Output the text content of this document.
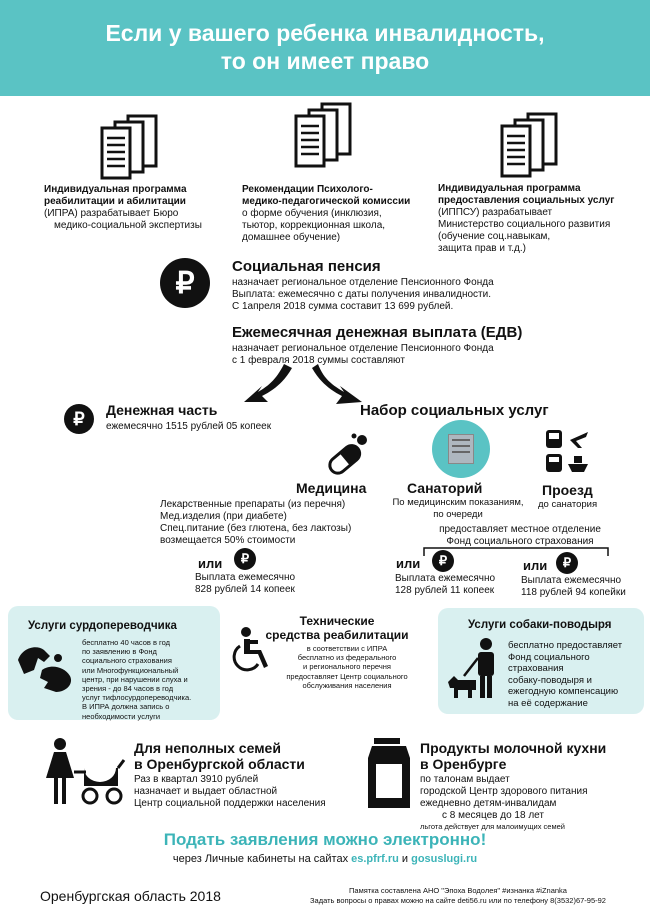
Если у вашего ребенка инвалидность,
то он имеет право
Индивидуальная программа
реабилитации и абилитации
(ИПРА) разрабатывает Бюро
медико-социальной экспертизы
Рекомендации Психолого-
медико-педагогической комиссии
о форме обучения (инклюзия,
тьютор, коррекционная школа,
домашнее обучение)
Индивидуальная программа
предоставления социальных услуг
(ИППСУ) разрабатывает
Министерство социального развития
(обучение соц.навыкам,
защита прав и т.д.)
₽	Социальная пенсия
назначает региональное отделение Пенсионного Фонда
Выплата: ежемесячно с даты получения инвалидности.
С 1апреля 2018 сумма составит 13 699 рублей.
Ежемесячная денежная выплата (ЕДВ)
назначает региональное отделение Пенсионного Фонда
с 1 февраля 2018 суммы составляют
₽	Денежная часть
ежемесячно 1515 рублей 05 копеек
Набор социальных услуг
Медицина
Лекарственные препараты (из перечня)
Мед.изделия (при диабете)
Спец.питание (без глютена, без лактозы)
возмещается 50% стоимости
или	₽
Выплата ежемесячно
828 рублей 14 копеек
Санаторий
По медицинским показаниям,
по очереди
Проезд
до санатория
предоставляет местное отделение
Фонд социального страхования
или	₽
Выплата ежемесячно
128 рублей 11 копеек
или	₽
Выплата ежемесячно
118 рублей 94 копейки
Услуги сурдопереводчика
бесплатно 40 часов в год
по заявлению в Фонд
социального страхования
или Многофункциональный
центр, при нарушении слуха и
зрения - до 84 часов в год
услуг тифлосурдопереводчика.
В ИПРА должна запись о
необходимости услуги
Технические
средства реабилитации
в соответствии с ИПРА
бесплатно из федерального
и регионального перечня
предоставляет Центр социального
обслуживания населения
Услуги собаки-поводыря
бесплатно предоставляет
Фонд социального
страхования
собаку-поводыря и
ежегодную компенсацию
на её содержание
Для неполных семей
в Оренбургской области
Раз в квартал 3910 рублей
назначает и выдает областной
Центр социальной поддержки населения
Продукты молочной кухни
в Оренбурге
по талонам выдает
городской Центр здорового питания
ежедневно детям-инвалидам
с 8 месяцев до 18 лет
льгота действует для малоимущих семей
Подать заявления можно электронно!
через Личные кабинеты на сайтах es.pfrf.ru и gosuslugi.ru
Оренбургская область 2018	Памятка составлена АНО "Эпоха Водолея" #изнанка #iZnanka
Задать вопросы о правах можно на сайте deti56.ru или по телефону 8(3532)67-95-92
